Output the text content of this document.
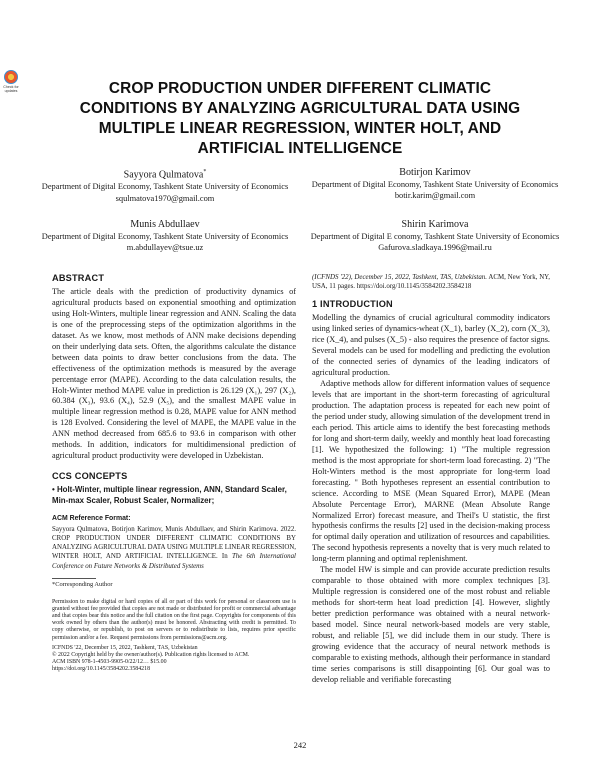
Check for updates	CROP PRODUCTION UNDER DIFFERENT CLIMATIC CONDITIONS BY ANALYZING AGRICULTURAL DATA USING MULTIPLE LINEAR REGRESSION, WINTER HOLT, AND ARTIFICIAL INTELLIGENCE
Sayyora Qulmatova*
Department of Digital Economy, Tashkent State University of Economics
squlmatova1970@gmail.com
Botirjon Karimov
Department of Digital Economy, Tashkent State University of Economics
botir.karim@gmail.com
Munis Abdullaev
Department of Digital Economy, Tashkent State University of Economics
m.abdullayev@tsue.uz
Shirin Karimova
Department of Digital E conomy, Tashkent State University of Economics
Gafurova.sladkaya.1996@mail.ru
ABSTRACT

The article deals with the prediction of productivity dynamics of agricultural products based on exponential smoothing and optimization using Holt-Winters, multiple linear regression and ANN. Scaling the data is one of the preprocessing steps of the optimization algorithms in the dataset. As we know, most methods of ANN make decisions depending on their underlying data sets. Often, the algorithms calculate the distance between data points to draw better conclusions from the data. The effectiveness of the optimization methods is measured by the average percentage error (MAPE). According to the data calculation results, the Holt-Winter method MAPE value in prediction is 26.129 (X₁), 297 (X₂), 60.384 (X₃), 93.6 (X₄), 52.9 (X₅), and the smallest MAPE value in multiple linear regression method is 0.28, MAPE value for ANN method is 128 Evolved. Considering the level of MAPE, the MAPE value in the ANN method decreased from 685.6 to 93.6 in comparison with other methods. In addition, indicators for multidimensional prediction of agricultural product productivity were developed in Uzbekistan.

CCS CONCEPTS
• Holt-Winter, multiple linear regression, ANN, Standard Scaler, Min-max Scaler, Robust Scaler, Normalizer;
ACM Reference Format:
Sayyora Qulmatova, Botirjon Karimov, Munis Abdullaev, and Shirin Karimova. 2022. CROP PRODUCTION UNDER DIFFERENT CLIMATIC CONDITIONS BY ANALYZING AGRICULTURAL DATA USING MULTIPLE LINEAR REGRESSION, WINTER HOLT, AND ARTIFICIAL INTELLIGENCE. In The 6th International Conference on Future Networks & Distributed Systems
*Corresponding Author
Permission to make digital or hard copies of all or part of this work for personal or classroom use is granted without fee provided that copies are not made or distributed for profit or commercial advantage and that copies bear this notice and the full citation on the first page. Copyrights for components of this work owned by others than the author(s) must be honored. Abstracting with credit is permitted. To copy otherwise, or republish, to post on servers or to redistribute to lists, requires prior specific permission and/or a fee. Request permissions from permissions@acm.org.
ICFNDS '22, December 15, 2022, Tashkent, TAS, Uzbekistan
© 2022 Copyright held by the owner/author(s). Publication rights licensed to ACM.
ACM ISBN 978-1-4503-9905-0/22/12… $15.00
https://doi.org/10.1145/3584202.3584218
(ICFNDS '22), December 15, 2022, Tashkent, TAS, Uzbekistan. ACM, New York, NY, USA, 11 pages. https://doi.org/10.1145/3584202.3584218
1 INTRODUCTION

Modelling the dynamics of crucial agricultural commodity indicators using linked series of dynamics-wheat (X_1), barley (X_2), corn (X_3), rice (X_4), and pulses (X_5) - also requires the presence of factor signs. Several models can be used for modelling and predicting the evolution of the connected series of dynamics of the leading indicators of agricultural production.

Adaptive methods allow for different information values of sequence levels that are important in the short-term forecasting of agricultural production. The adaptation process is repeated for each new point of the period under study, allowing simulation of the development trend in each period. This article aims to identify the best forecasting methods for long and short-term daily, weekly and monthly heat load forecasting [1]. We hypothesized the following: 1) "The multiple regression method is the most appropriate for short-term load forecasting. 2) "The Holt-Winters method is the most appropriate for long-term load forecasting. " Both hypotheses represent an essential contribution to science. According to MSE (Mean Squared Error), MAPE (Mean Absolute Percentage Error), MARNE (Mean Absolute Range Normalized Error) forecast measure, and Theil's U statistic, the first hypothesis confirms the results [2] used in the decision-making process for optimal daily operation and utilization of resources and capabilities. The second hypothesis represents a novelty that is very much related to long-term planning and optimal replenishment.

The model HW is simple and can provide accurate prediction results comparable to those obtained with more complex techniques [3]. Multiple regression is considered one of the most robust and reliable methods for short-term heat load prediction [4]. However, slightly better prediction performance was obtained with a neural network-based model. Since neural network-based models are very stable, robust, and reliable [5], we did include them in our study. There is growing evidence that the accuracy of neural network methods is comparable to existing methods, although their performance in standard time series comparisons is still disappointing [6]. Our goal was to develop reliable and verifiable forecasting

242
